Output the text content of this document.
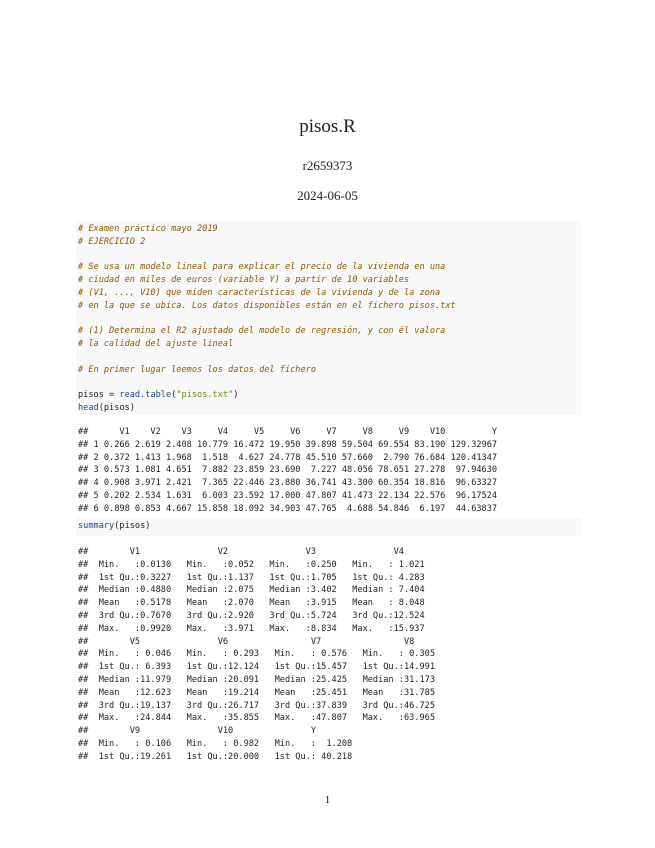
pisos.R
r2659373
2024-06-05
# Examen práctico mayo 2019
# EJERCICIO 2
# Se usa un modelo lineal para explicar el precio de la vivienda en una
# ciudad en miles de euros (variable Y) a partir de 10 variables
# (V1, ..., V10) que miden características de la vivienda y de la zona
# en la que se ubica. Los datos disponibles están en el fichero pisos.txt
# (1) Determina el R2 ajustado del modelo de regresión, y con él valora
# la calidad del ajuste lineal
# En primer lugar leemos los datos del fichero
pisos = read.table("pisos.txt")
head(pisos)
##      V1    V2    V3     V4     V5     V6     V7     V8     V9    V10         Y
## 1 0.266 2.619 2.408 10.779 16.472 19.950 39.898 59.504 69.554 83.190 129.32967
## 2 0.372 1.413 1.968  1.518  4.627 24.778 45.510 57.660  2.790 76.684 120.41347
## 3 0.573 1.081 4.651  7.882 23.859 23.690  7.227 48.056 78.651 27.278  97.94630
## 4 0.908 3.971 2.421  7.365 22.446 23.880 36.741 43.300 60.354 18.816  96.63327
## 5 0.202 2.534 1.631  6.003 23.592 17.000 47.807 41.473 22.134 22.576  96.17524
## 6 0.898 0.853 4.667 15.858 18.092 34.903 47.765  4.688 54.846  6.197  44.63837
summary(pisos)
##        V1               V2               V3               V4
##  Min.   :0.0130   Min.   :0.052   Min.   :0.250   Min.   : 1.021
##  1st Qu.:0.3227   1st Qu.:1.137   1st Qu.:1.705   1st Qu.: 4.283
##  Median :0.4880   Median :2.075   Median :3.402   Median : 7.404
##  Mean   :0.5178   Mean   :2.070   Mean   :3.915   Mean   : 8.048
##  3rd Qu.:0.7670   3rd Qu.:2.920   3rd Qu.:5.724   3rd Qu.:12.524
##  Max.   :0.9920   Max.   :3.971   Max.   :8.834   Max.   :15.937
##        V5               V6                V7                V8
##  Min.   : 0.046   Min.   : 0.293   Min.   : 0.576   Min.   : 0.305
##  1st Qu.: 6.393   1st Qu.:12.124   1st Qu.:15.457   1st Qu.:14.991
##  Median :11.979   Median :20.091   Median :25.425   Median :31.173
##  Mean   :12.623   Mean   :19.214   Mean   :25.451   Mean   :31.785
##  3rd Qu.:19.137   3rd Qu.:26.717   3rd Qu.:37.839   3rd Qu.:46.725
##  Max.   :24.844   Max.   :35.855   Max.   :47.807   Max.   :63.965
##        V9               V10               Y
##  Min.   : 0.106   Min.   : 0.982   Min.   :  1.208
##  1st Qu.:19.261   1st Qu.:20.000   1st Qu.: 40.218
1
